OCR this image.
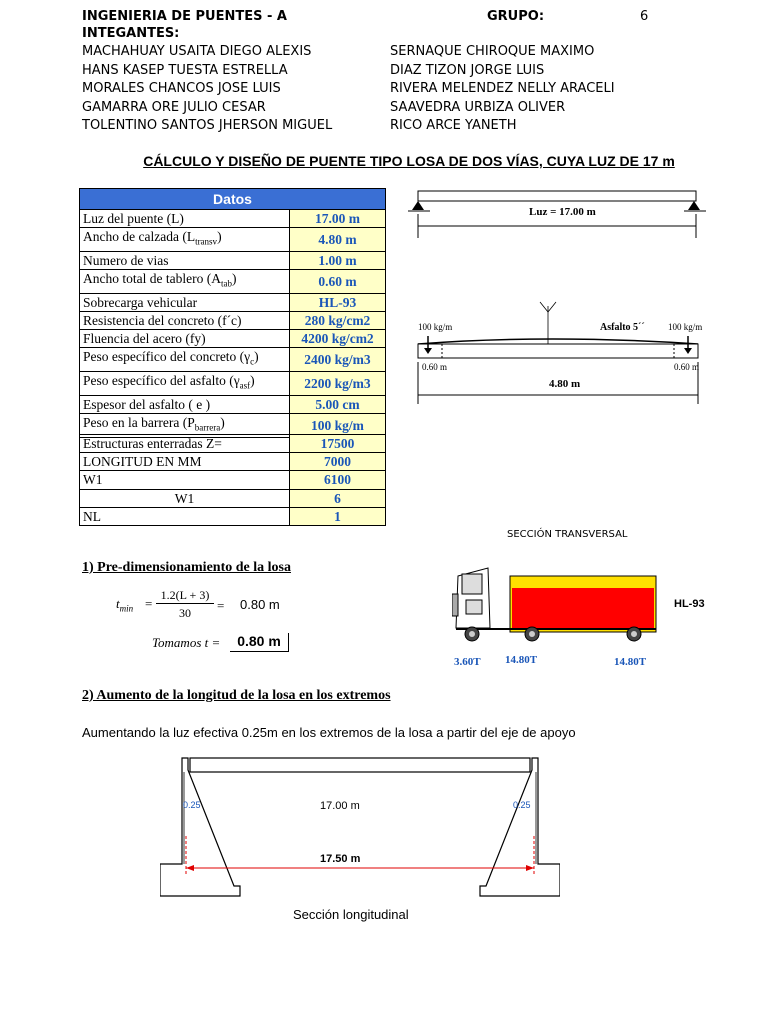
INGENIERIA DE PUENTES - A	GRUPO:	6
INTEGANTES:
MACHAHUAY USAITA DIEGO ALEXIS
HANS KASEP TUESTA ESTRELLA
MORALES CHANCOS JOSE LUIS
GAMARRA ORE JULIO CESAR
TOLENTINO SANTOS JHERSON MIGUEL
SERNAQUE CHIROQUE MAXIMO
DIAZ TIZON JORGE LUIS
RIVERA MELENDEZ NELLY ARACELI
SAAVEDRA URBIZA OLIVER
RICO ARCE YANETH
CÁLCULO Y DISEÑO DE PUENTE TIPO LOSA DE DOS VÍAS, CUYA LUZ DE 17 m
Datos	
Luz del puente (L)	17.00 m
Ancho de calzada $(L_{transv})$	4.80 m
Numero de vias	1.00 m
Ancho total de tablero $(A_{tab})$	0.60 m
Sobrecarga vehicular	HL-93
Resistencia del concreto (f´c)	280 kg/cm2
Fluencia del acero (fy)	4200 kg/cm2
Peso específico del concreto $(\gamma_c)$	2400 kg/m3
Peso específico del asfalto $(\gamma_{asf})$	2200 kg/m3
Espesor del asfalto ( e )	5.00 cm
Peso en la barrera $(P_{barrera})$	100 kg/m

Estructuras enterradas Z=	17500
LONGITUD EN MM	7000
W1	6100
W1	6
NL	1
Luz = 17.00 m
100 kg/m	100 kg/m
Asfalto 5´´
0.60 m	0.60 m
4.80 m
SECCIÓN TRANSVERSAL
1) Pre-dimensionamiento de la losa
$t_{min}$ =
1.2(L + 3)
30	= 0.80 m
Tomamos t =	0.80 m
HL-93
3.60T 14.80T	14.80T
2) Aumento de la longitud de la losa en los extremos
Aumentando la luz efectiva 0.25m en los extremos de la losa a partir del eje de apoyo
0.25	0.25
17.00 m
17.50 m
Sección longitudinal
